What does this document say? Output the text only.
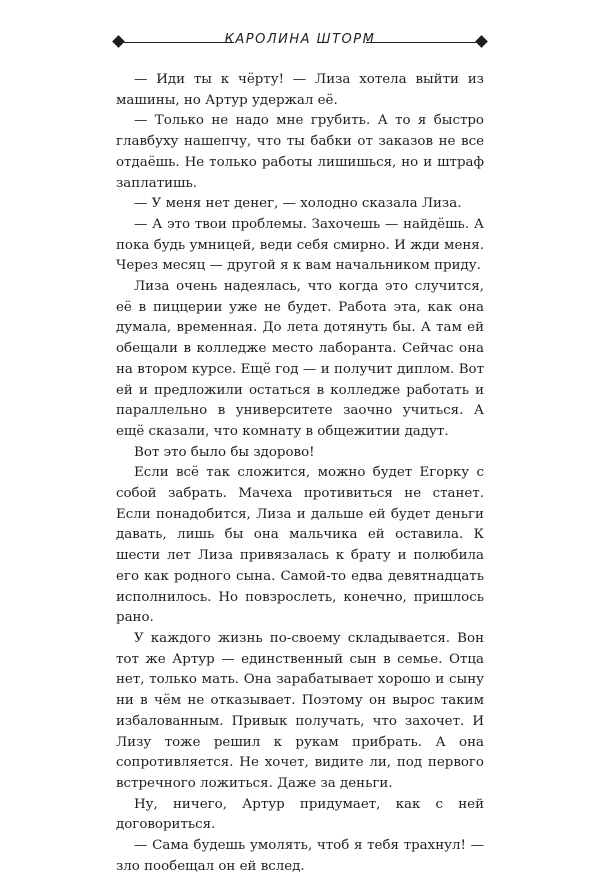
КАРОЛИНА ШТОРМ

— Иди ты к чёрту! — Лиза хотела выйти из машины, но Артур удержал её.

— Только не надо мне грубить. А то я быстро главбуху нашепчу, что ты бабки от заказов не все отдаёшь. Не только работы лишишься, но и штраф заплатишь.

— У меня нет денег, — холодно сказала Лиза.

— А это твои проблемы. Захочешь — найдёшь. А пока будь умницей, веди себя смирно. И жди меня. Через месяц — другой я к вам начальником приду.

Лиза очень надеялась, что когда это случится, её в пиццерии уже не будет. Работа эта, как она думала, временная. До лета дотянуть бы. А там ей обещали в колледже место лаборанта. Сейчас она на втором курсе. Ещё год — и получит диплом. Вот ей и предложили остаться в колледже работать и параллельно в университете заочно учиться. А ещё сказали, что комнату в общежитии дадут.

Вот это было бы здорово!

Если всё так сложится, можно будет Егорку с собой забрать. Мачеха противиться не станет. Если понадобится, Лиза и дальше ей будет деньги давать, лишь бы она мальчика ей оставила. К шести лет Лиза привязалась к брату и полюбила его как родного сына. Самой-то едва девятнадцать исполнилось. Но повзрослеть, конечно, пришлось рано.

У каждого жизнь по-своему складывается. Вон тот же Артур — единственный сын в семье. Отца нет, только мать. Она зарабатывает хорошо и сыну ни в чём не отказывает. Поэтому он вырос таким избалованным. Привык получать, что захочет. И Лизу тоже решил к рукам прибрать. А она сопротивляется. Не хочет, видите ли, под первого встречного ложиться. Даже за деньги.

Ну, ничего, Артур придумает, как с ней договориться.

— Сама будешь умолять, чтоб я тебя трахнул! — зло пообещал он ей вслед.
